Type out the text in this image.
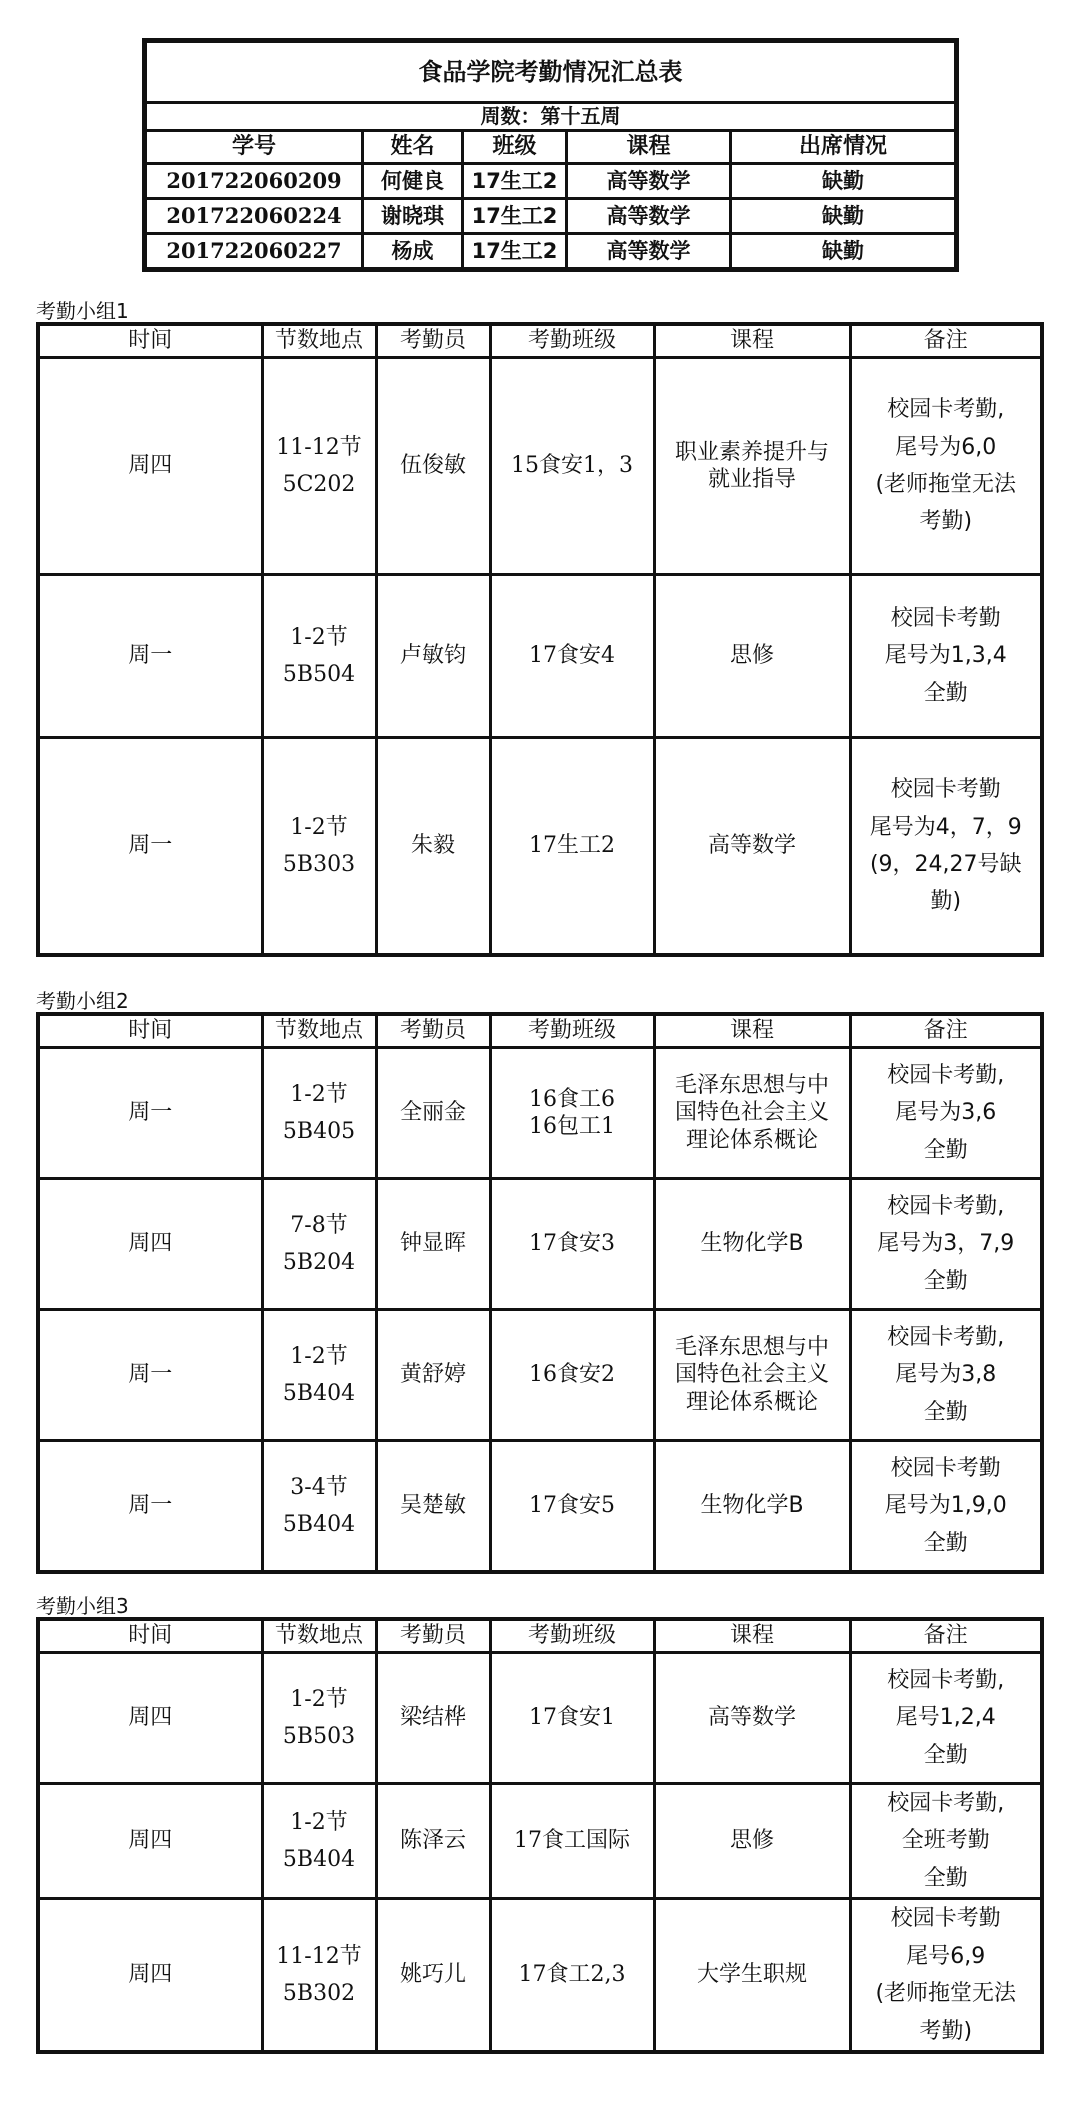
食品学院考勤情况汇总表				
周数：第十五周				
学号	姓名	班级	课程	出席情况
201722060209	何健良	17生工2	高等数学	缺勤
201722060224	谢晓琪	17生工2	高等数学	缺勤
201722060227	杨成	17生工2	高等数学	缺勤
考勤小组1
时间	节数地点	考勤员	考勤班级	课程	备注

周四	11-12节
5C202	伍俊敏	15食安1，3	职业素养提升与
就业指导	校园卡考勤,
尾号为6,0
(老师拖堂无法
考勤)

周一	1-2节
5B504	卢敏钧	17食安4	思修	校园卡考勤
尾号为1,3,4
全勤

周一	1-2节
5B303	朱毅	17生工2	高等数学	校园卡考勤
尾号为4，7，9
(9，24,27号缺
勤)
考勤小组2
时间	节数地点	考勤员	考勤班级	课程	备注

周一	1-2节
5B405	全丽金	16食工6
16包工1	毛泽东思想与中
国特色社会主义
理论体系概论	校园卡考勤,
尾号为3,6
全勤

周四	7-8节
5B204	钟显晖	17食安3	生物化学B	校园卡考勤,
尾号为3，7,9
全勤

周一	1-2节
5B404	黄舒婷	16食安2	毛泽东思想与中
国特色社会主义
理论体系概论	校园卡考勤,
尾号为3,8
全勤

周一	3-4节
5B404	吴楚敏	17食安5	生物化学B	校园卡考勤
尾号为1,9,0
全勤
考勤小组3
时间	节数地点	考勤员	考勤班级	课程	备注

周四	1-2节
5B503	梁结桦	17食安1	高等数学	校园卡考勤,
尾号1,2,4
全勤

周四	1-2节
5B404	陈泽云	17食工国际	思修	校园卡考勤,
全班考勤
全勤

周四	11-12节
5B302	姚巧儿	17食工2,3	大学生职规	校园卡考勤
尾号6,9
(老师拖堂无法
考勤)
